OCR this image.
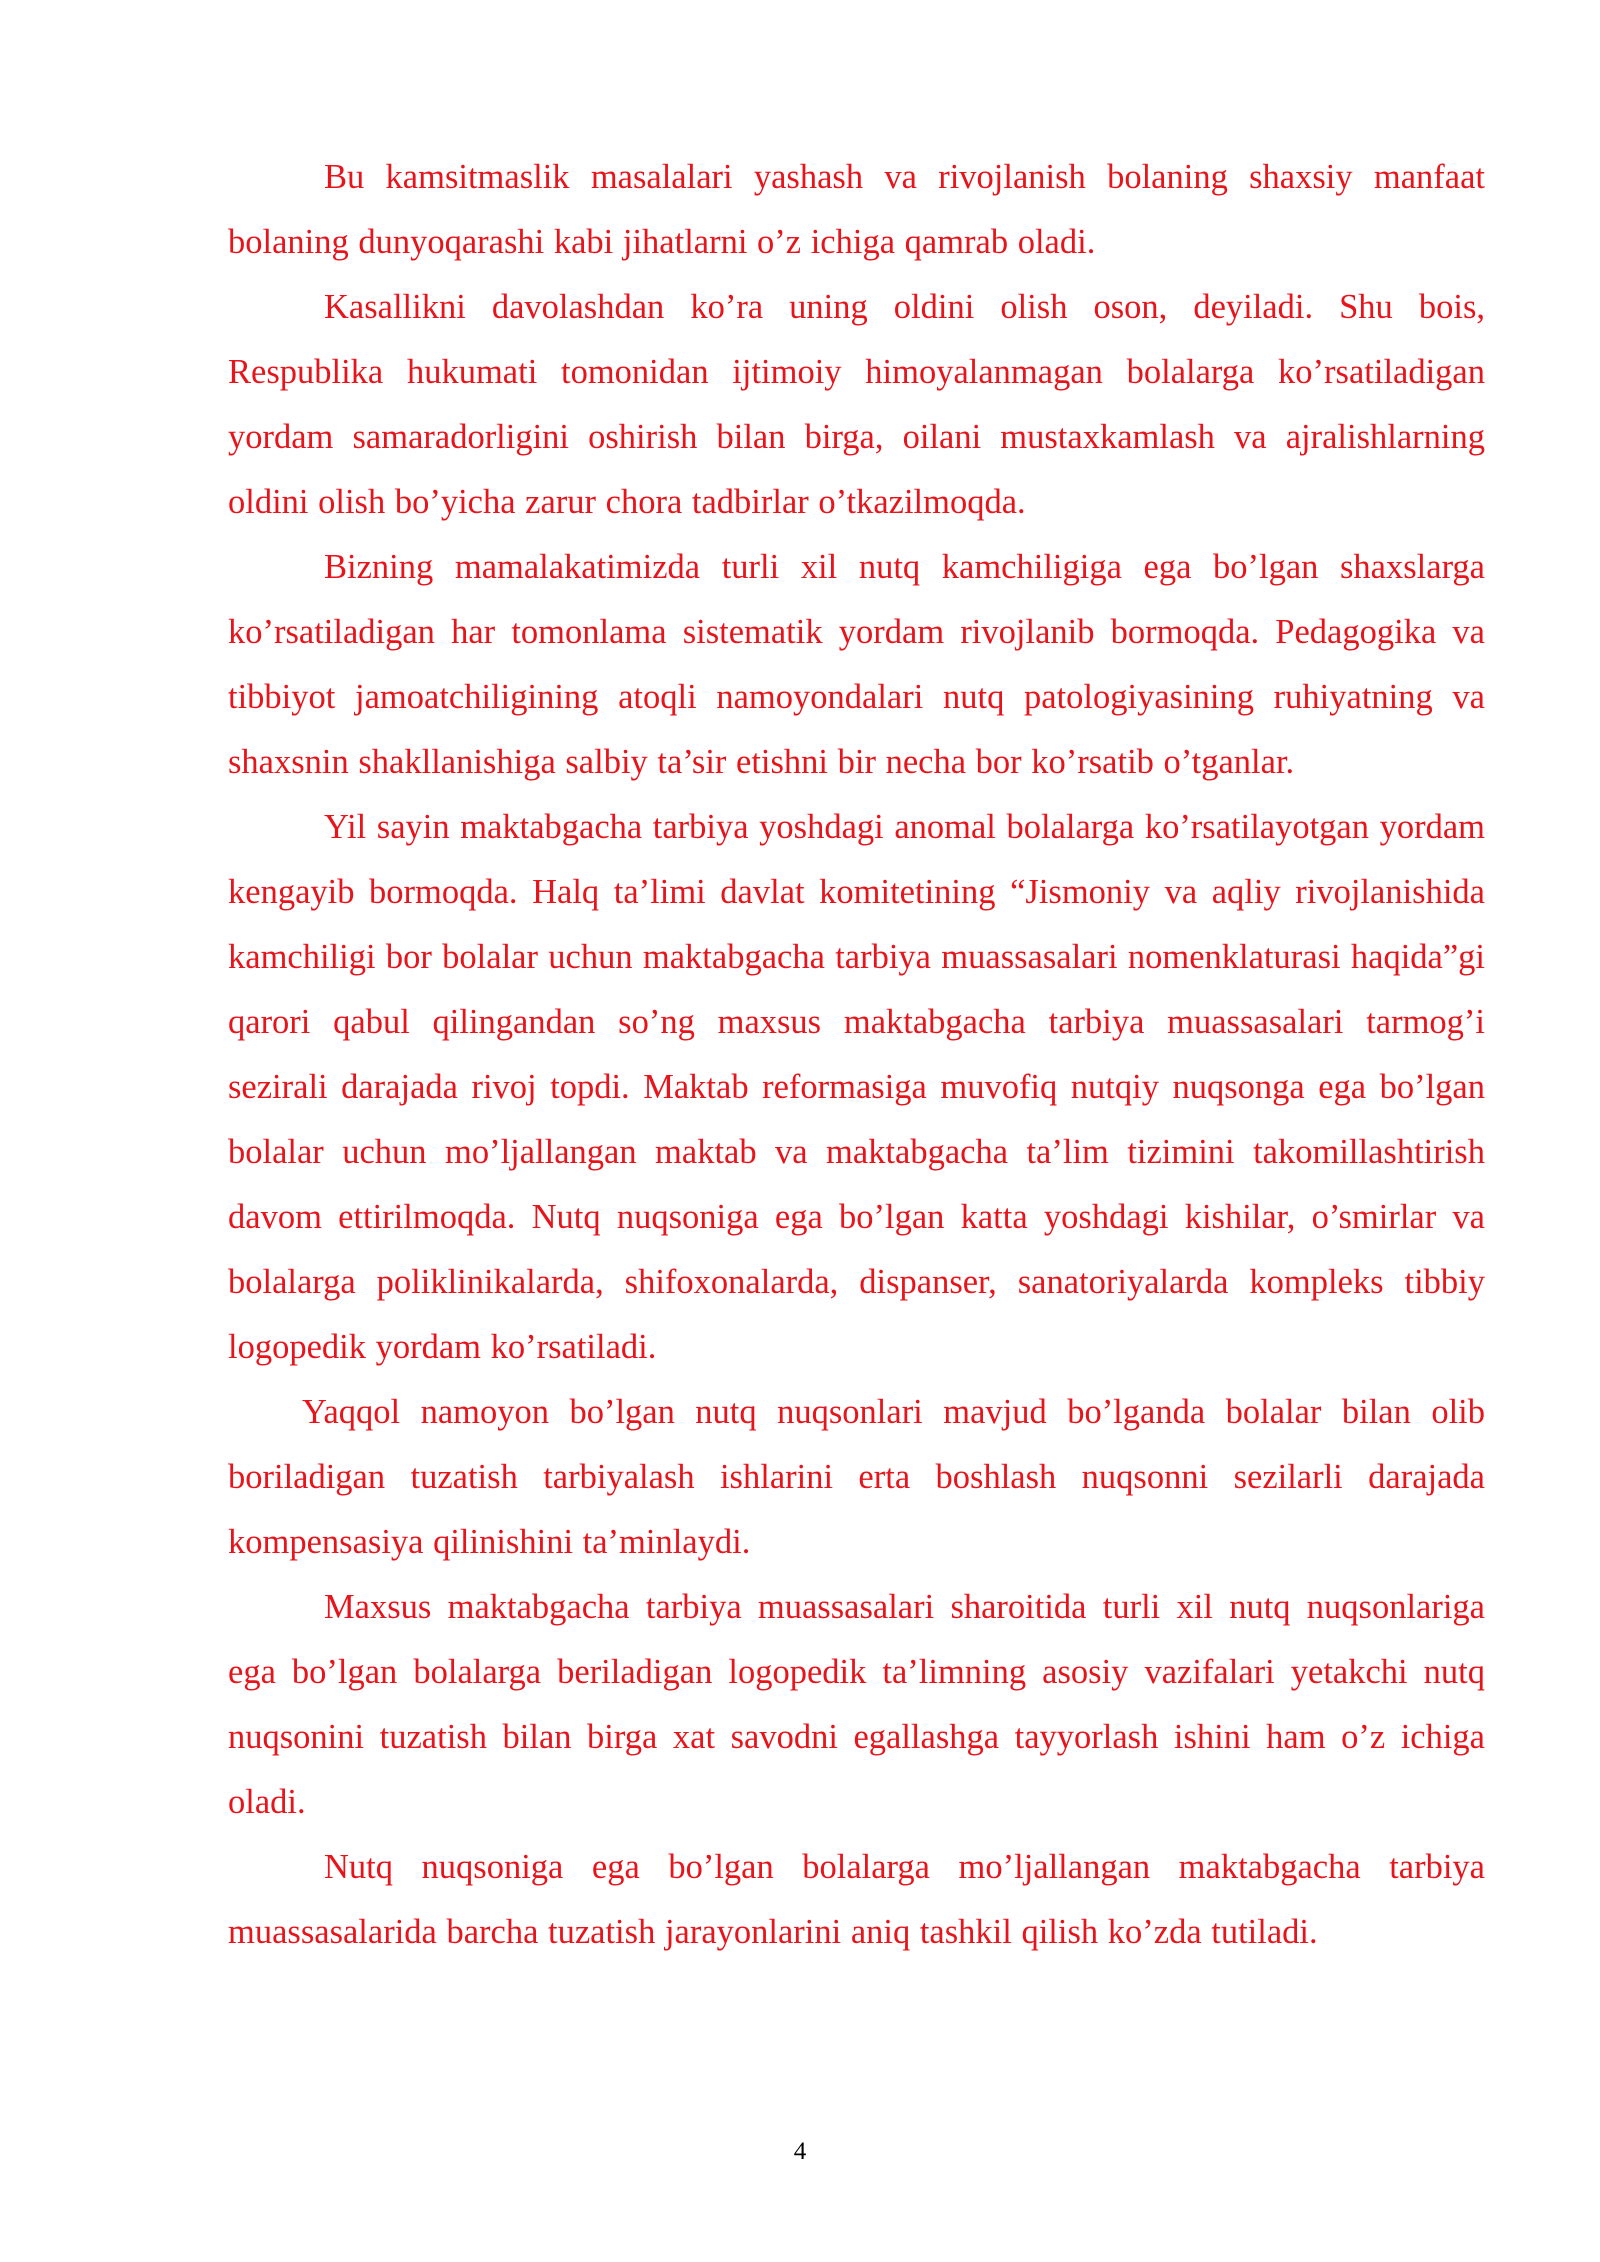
Bu kamsitmaslik masalalari yashash va rivojlanish bolaning shaxsiy manfaat bolaning dunyoqarashi kabi jihatlarni o’z ichiga qamrab oladi.

Kasallikni davolashdan ko’ra uning oldini olish oson, deyiladi. Shu bois, Respublika hukumati tomonidan ijtimoiy himoyalanmagan bolalarga ko’rsatiladigan yordam samaradorligini oshirish bilan birga, oilani mustaxkamlash va ajralishlarning oldini olish bo’yicha zarur chora tadbirlar o’tkazilmoqda.

Bizning mamalakatimizda turli xil nutq kamchiligiga ega bo’lgan shaxslarga ko’rsatiladigan har tomonlama sistematik yordam rivojlanib bormoqda. Pedagogika va tibbiyot jamoatchiligining atoqli namoyondalari nutq patologiyasining ruhiyatning va shaxsnin shakllanishiga salbiy ta’sir etishni bir necha bor ko’rsatib o’tganlar.

Yil sayin maktabgacha tarbiya yoshdagi anomal bolalarga ko’rsatilayotgan yordam kengayib bormoqda. Halq ta’limi davlat komitetining “Jismoniy va aqliy rivojlanishida kamchiligi bor bolalar uchun maktabgacha tarbiya muassasalari nomenklaturasi haqida”gi qarori qabul qilingandan so’ng maxsus maktabgacha tarbiya muassasalari tarmog’i sezirali darajada rivoj topdi. Maktab reformasiga muvofiq nutqiy nuqsonga ega bo’lgan bolalar uchun mo’ljallangan maktab va maktabgacha ta’lim tizimini takomillashtirish davom ettirilmoqda. Nutq nuqsoniga ega bo’lgan katta yoshdagi kishilar, o’smirlar va bolalarga poliklinikalarda, shifoxonalarda, dispanser, sanatoriyalarda kompleks tibbiy logopedik yordam ko’rsatiladi.

Yaqqol namoyon bo’lgan nutq nuqsonlari mavjud bo’lganda bolalar bilan olib boriladigan tuzatish tarbiyalash ishlarini erta boshlash nuqsonni sezilarli darajada kompensasiya qilinishini ta’minlaydi.

Maxsus maktabgacha tarbiya muassasalari sharoitida turli xil nutq nuqsonlariga ega bo’lgan bolalarga beriladigan logopedik ta’limning asosiy vazifalari yetakchi nutq nuqsonini tuzatish bilan birga xat savodni egallashga tayyorlash ishini ham o’z ichiga oladi.

Nutq nuqsoniga ega bo’lgan bolalarga mo’ljallangan maktabgacha tarbiya muassasalarida barcha tuzatish jarayonlarini aniq tashkil qilish ko’zda tutiladi.

4
